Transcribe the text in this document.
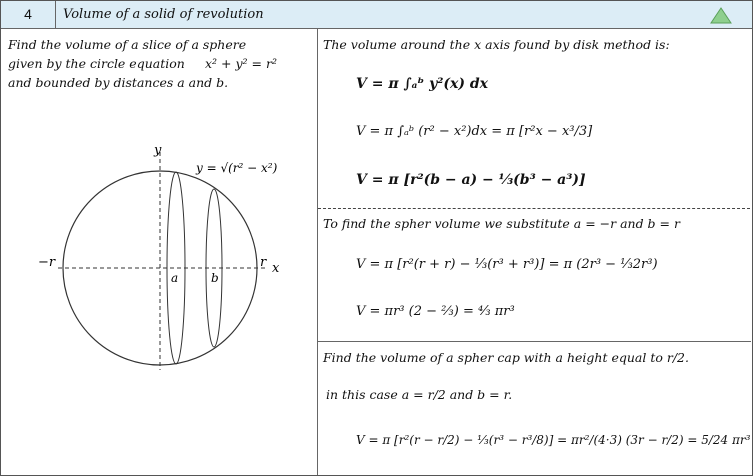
4	Volume of a solid of revolution
Find the volume of a slice of a sphere
given by the circle equation x² + y² = r²
and bounded by distances a and b.
y
x
−r	r
a	b
y = √(r² − x²)
The volume around the x axis found by disk method is:
V = π ∫ₐᵇ y²(x) dx
V = π ∫ₐᵇ (r² − x²)dx = π [r²x − x³/3]
V = π [r²(b − a) − ⅓(b³ − a³)]
To find the spher volume we substitute a = −r and b = r
V = π [r²(r + r) − ⅓(r³ + r³)] = π (2r³ − ⅓2r³)
V = πr³ (2 − ⅔) = ⁴⁄₃ πr³
Find the volume of a spher cap with a height equal to r/2.
in this case a = r/2 and b = r.
V = π [r²(r − r/2) − ⅓(r³ − r³/8)] = πr²/(4·3) (3r − r/2) = 5/24 πr³
